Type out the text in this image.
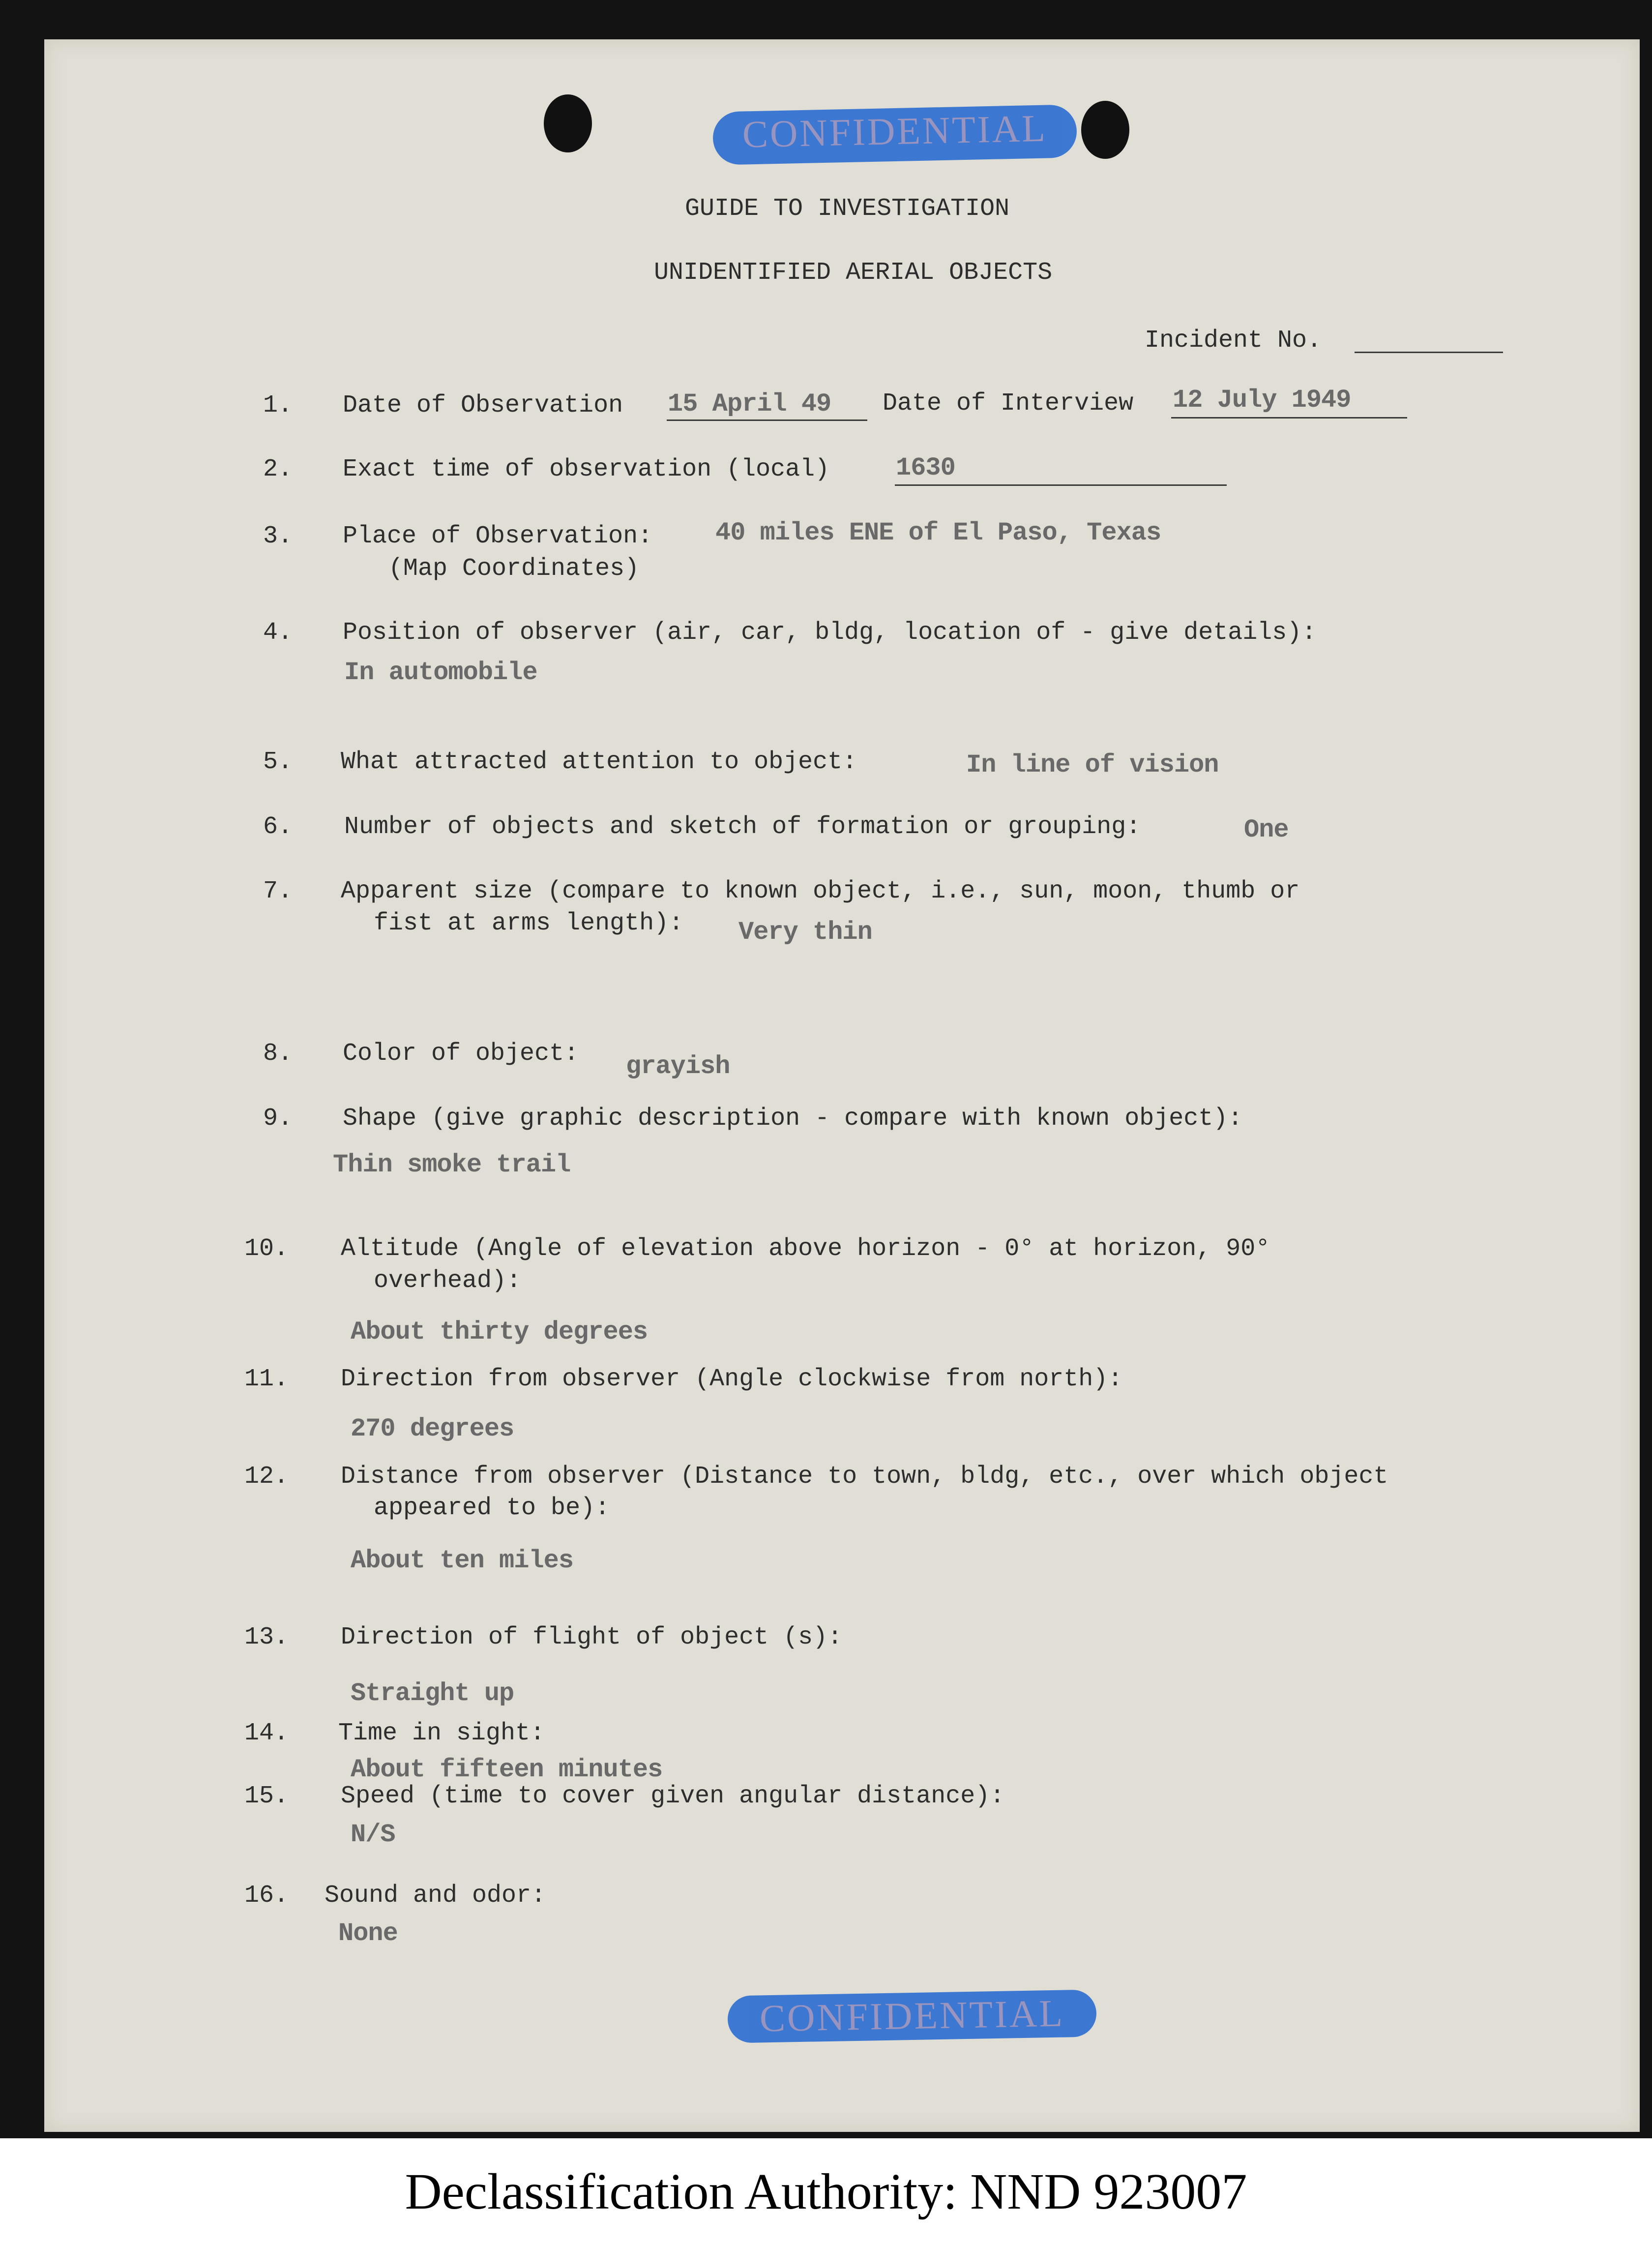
CONFIDENTIAL
CONFIDENTIAL
GUIDE TO INVESTIGATION
UNIDENTIFIED AERIAL OBJECTS
Incident No.
1. Date of Observation 15 April 49 Date of Interview 12 July 1949
2. Exact time of observation (local)	1630
3. Place of Observation: 40 miles ENE of El Paso, Texas
(Map Coordinates)
4. Position of observer (air, car, bldg, location of - give details):
In automobile
5. What attracted attention to object:	In line of vision
6. Number of objects and sketch of formation or grouping:	One
7. Apparent size (compare to known object, i.e., sun, moon, thumb or
fist at arms length): Very thin
8. Color of object: grayish
9. Shape (give graphic description - compare with known object):
Thin smoke trail
10. Altitude (Angle of elevation above horizon - 0° at horizon, 90°
overhead):
About thirty degrees
11. Direction from observer (Angle clockwise from north):
270 degrees
12. Distance from observer (Distance to town, bldg, etc., over which object
appeared to be):
About ten miles
13. Direction of flight of object (s):
Straight up
14. Time in sight:
About fifteen minutes
15. Speed (time to cover given angular distance):
N/S
16. Sound and odor:
None
Declassification Authority: NND 923007
